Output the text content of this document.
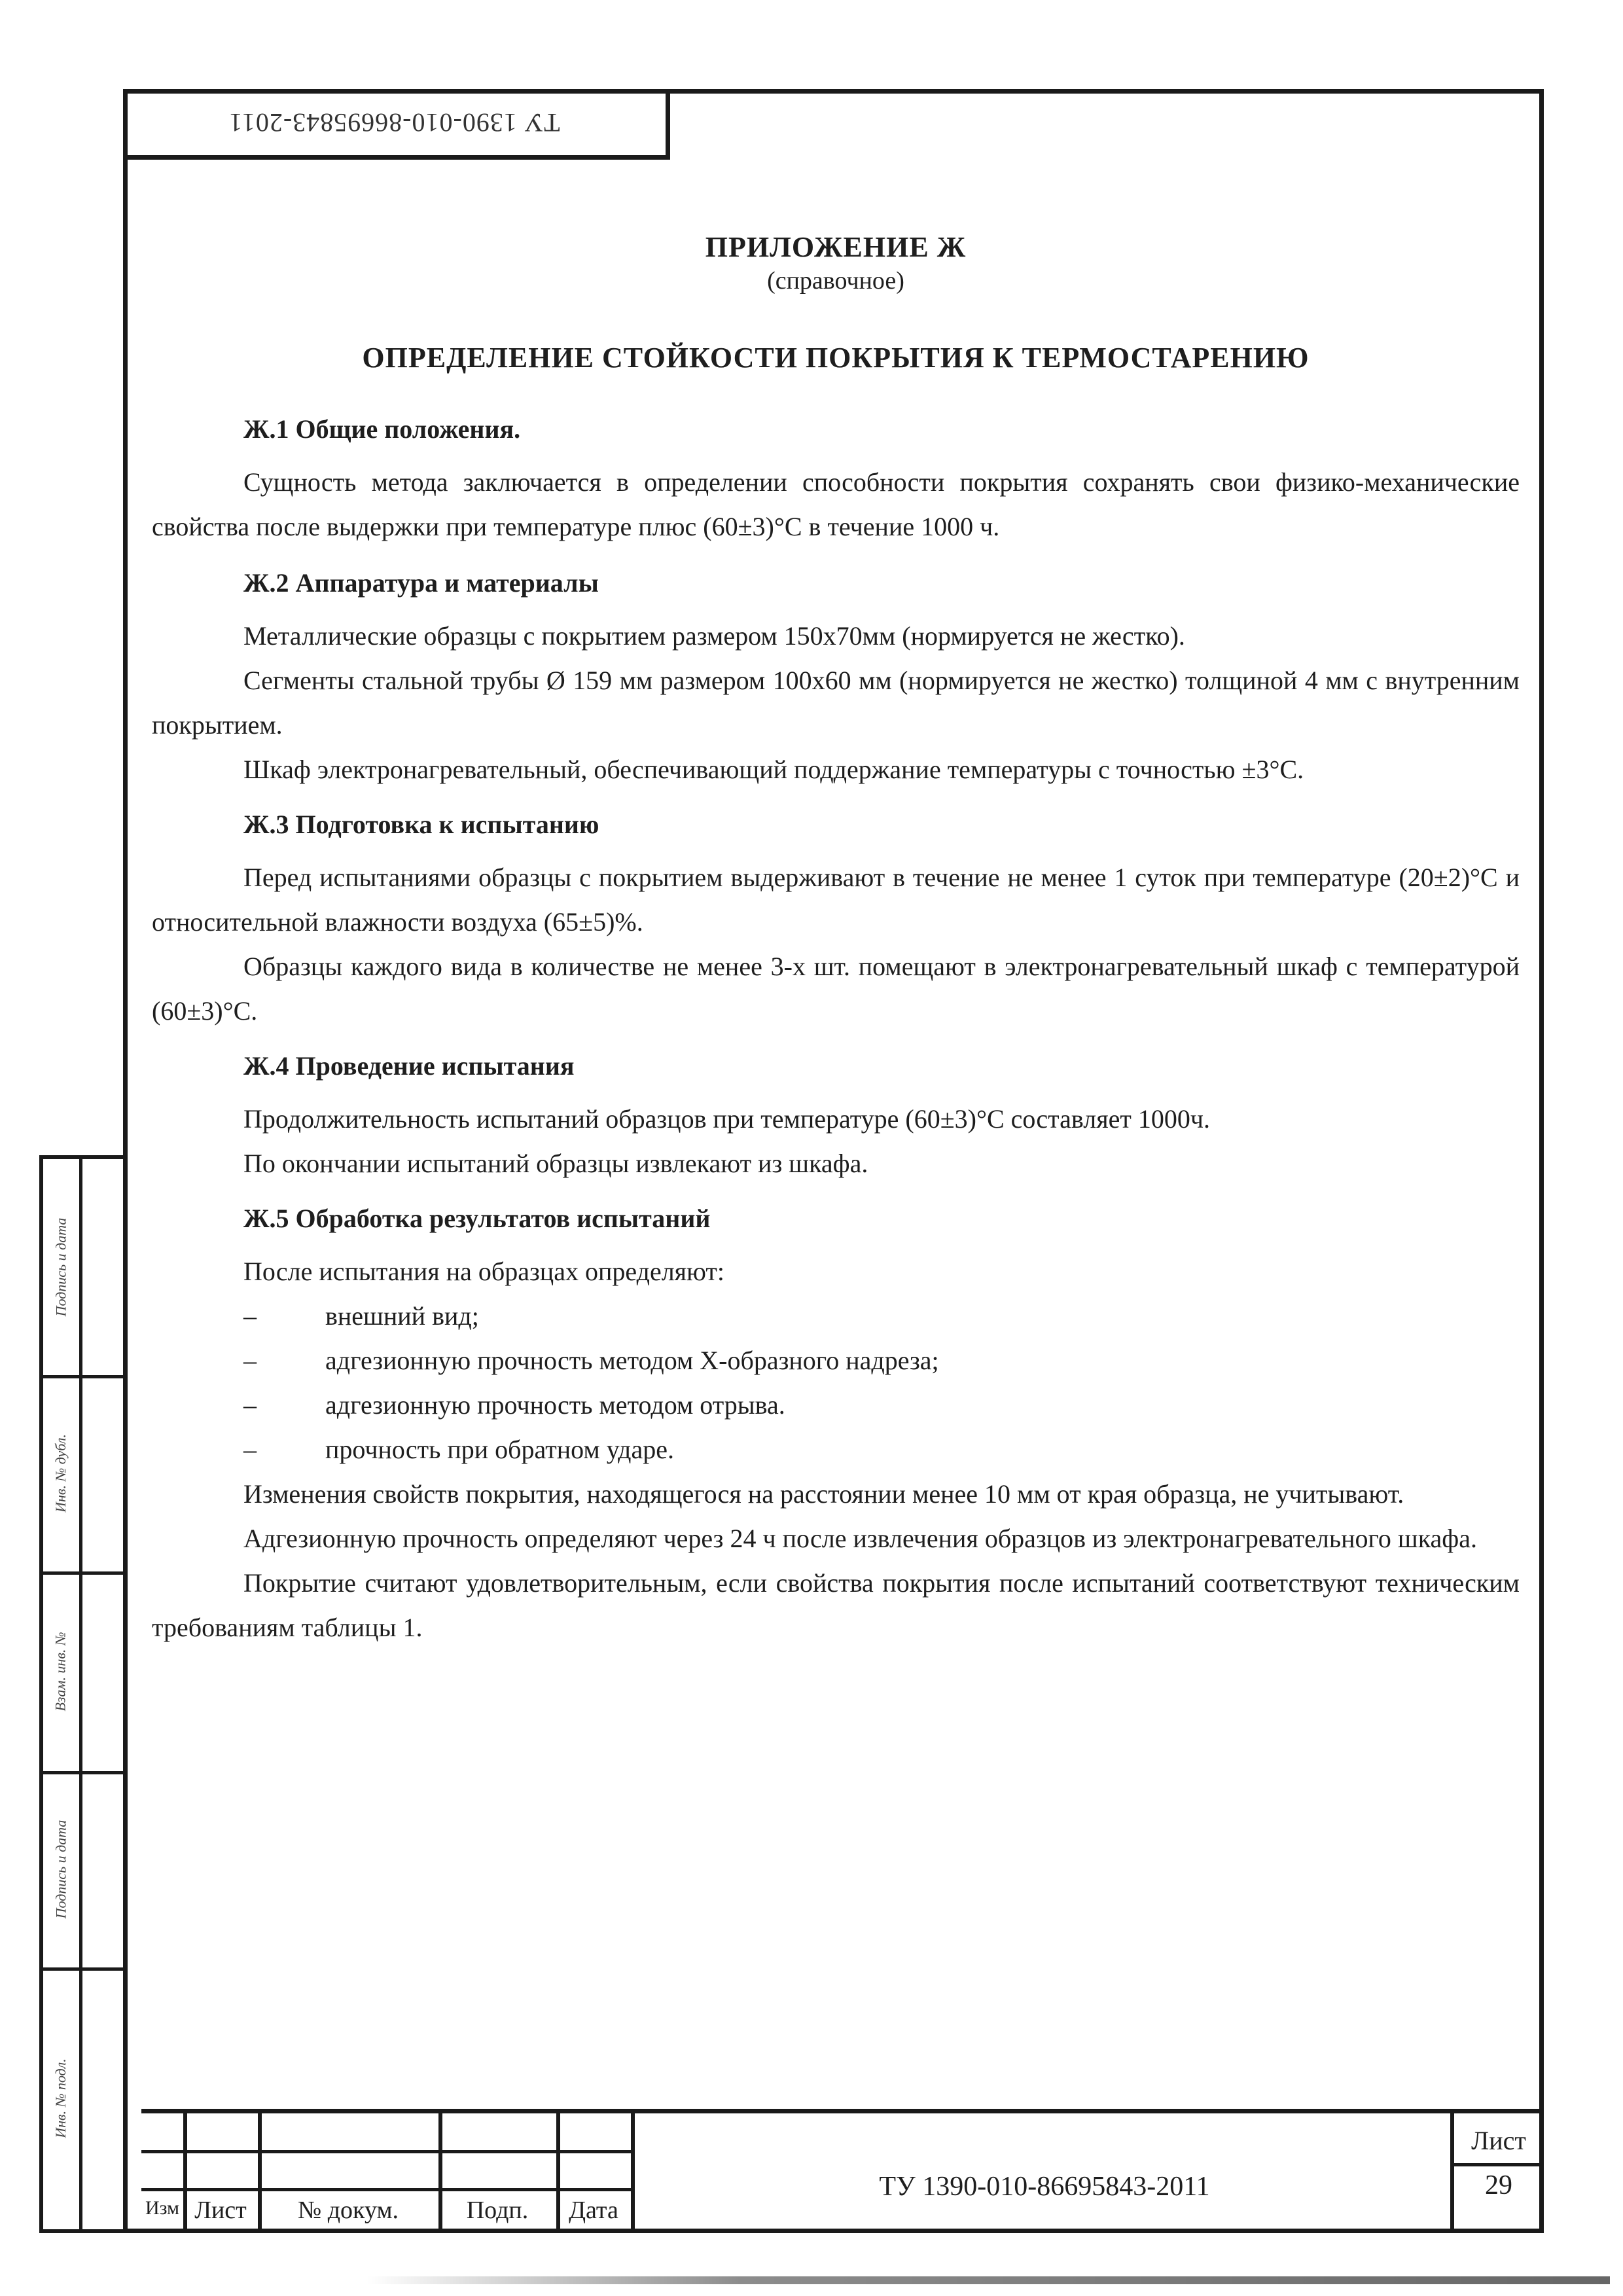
ТУ 1390-010-86695843-2011
Подпись и дата
Инв. № дубл.
Взам. инв. №
Подпись и дата
Инв. № подл.

ПРИЛОЖЕНИЕ Ж

(справочное)

ОПРЕДЕЛЕНИЕ СТОЙКОСТИ ПОКРЫТИЯ К ТЕРМОСТАРЕНИЮ

Ж.1 Общие положения.

Сущность метода заключается в определении способности покрытия сохранять свои физико-механические свойства после выдержки при температуре плюс (60±3)°С в течение 1000 ч.

Ж.2 Аппаратура и материалы

Металлические образцы с покрытием размером 150x70мм (нормируется не жестко).

Сегменты стальной трубы Ø 159 мм размером 100x60 мм (нормируется не жестко) толщиной 4 мм с внутренним покрытием.

Шкаф электронагревательный, обеспечивающий поддержание температуры с точностью ±3°С.

Ж.3 Подготовка к испытанию

Перед испытаниями образцы с покрытием выдерживают в течение не менее 1 суток при температуре (20±2)°С и относительной влажности воздуха (65±5)%.

Образцы каждого вида в количестве не менее 3-х шт. помещают в электронагревательный шкаф с температурой (60±3)°С.

Ж.4 Проведение испытания

Продолжительность испытаний образцов при температуре (60±3)°С составляет 1000ч.

По окончании испытаний образцы извлекают из шкафа.

Ж.5 Обработка результатов испытаний

После испытания на образцах определяют:

–	внешний вид;

–	адгезионную прочность методом Х-образного надреза;

–	адгезионную прочность методом отрыва.

–	прочность при обратном ударе.

Изменения свойств покрытия, находящегося на расстоянии менее 10 мм от края образца, не учитывают.

Адгезионную прочность определяют через 24 ч после извлечения образцов из электронагревательного шкафа.

Покрытие считают удовлетворительным, если свойства покрытия после испытаний соответствуют техническим требованиям таблицы 1.

Изм Лист	№ докум.	Подп.	Дата
ТУ 1390-010-86695843-2011
Лист
29
